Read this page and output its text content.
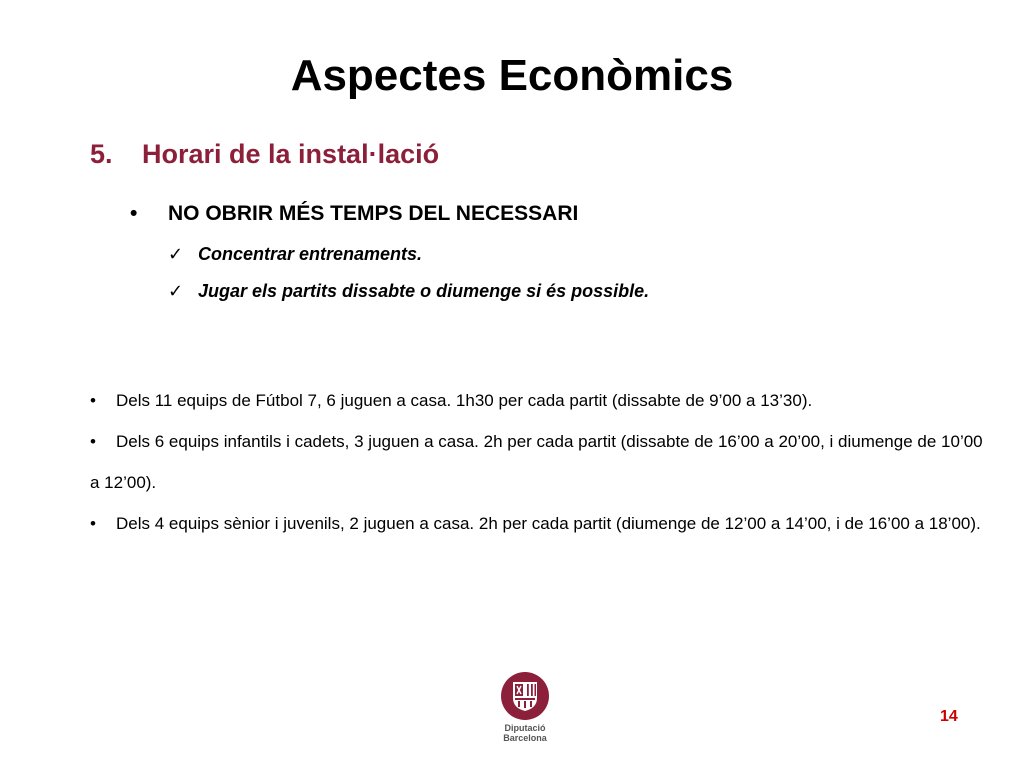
Aspectes Econòmics
5.	Horari de la instal·lació
•	NO OBRIR MÉS TEMPS DEL NECESSARI
✓ Concentrar entrenaments.
✓ Jugar els partits dissabte o diumenge si és possible.
• Dels 11 equips de Fútbol 7, 6 juguen a casa. 1h30 per cada partit (dissabte de 9’00 a 13’30).
• Dels 6 equips infantils i cadets, 3 juguen a casa. 2h per cada partit (dissabte de 16’00 a 20’00, i diumenge de 10’00 a 12’00).
• Dels 4 equips sènior i juvenils, 2 juguen a casa. 2h per cada partit (diumenge de 12’00 a 14’00, i de 16’00 a 18’00).
Diputació
Barcelona
14
